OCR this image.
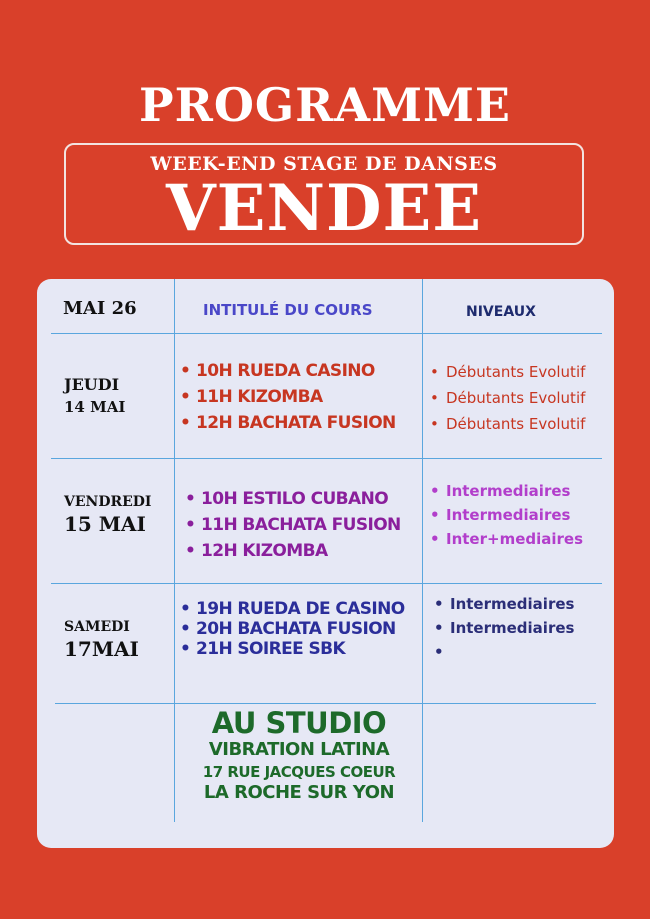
PROGRAMME
WEEK-END STAGE DE DANSES
VENDEE
MAI 26	INTITULÉ DU COURS	NIVEAUX
JEUDI
14 MAI
• 10H RUEDA CASINO
• 11H KIZOMBA
• 12H BACHATA FUSION
• Débutants Evolutif
• Débutants Evolutif
• Débutants Evolutif
VENDREDI
15 MAI
• 10H ESTILO CUBANO
• 11H BACHATA FUSION
• 12H KIZOMBA
• Intermediaires
• Intermediaires
• Inter+mediaires
SAMEDI
17MAI
• 19H RUEDA DE CASINO
• 20H BACHATA FUSION
• 21H SOIREE SBK
• Intermediaires
• Intermediaires
•
AU STUDIO
VIBRATION LATINA
17 RUE JACQUES COEUR
LA ROCHE SUR YON
